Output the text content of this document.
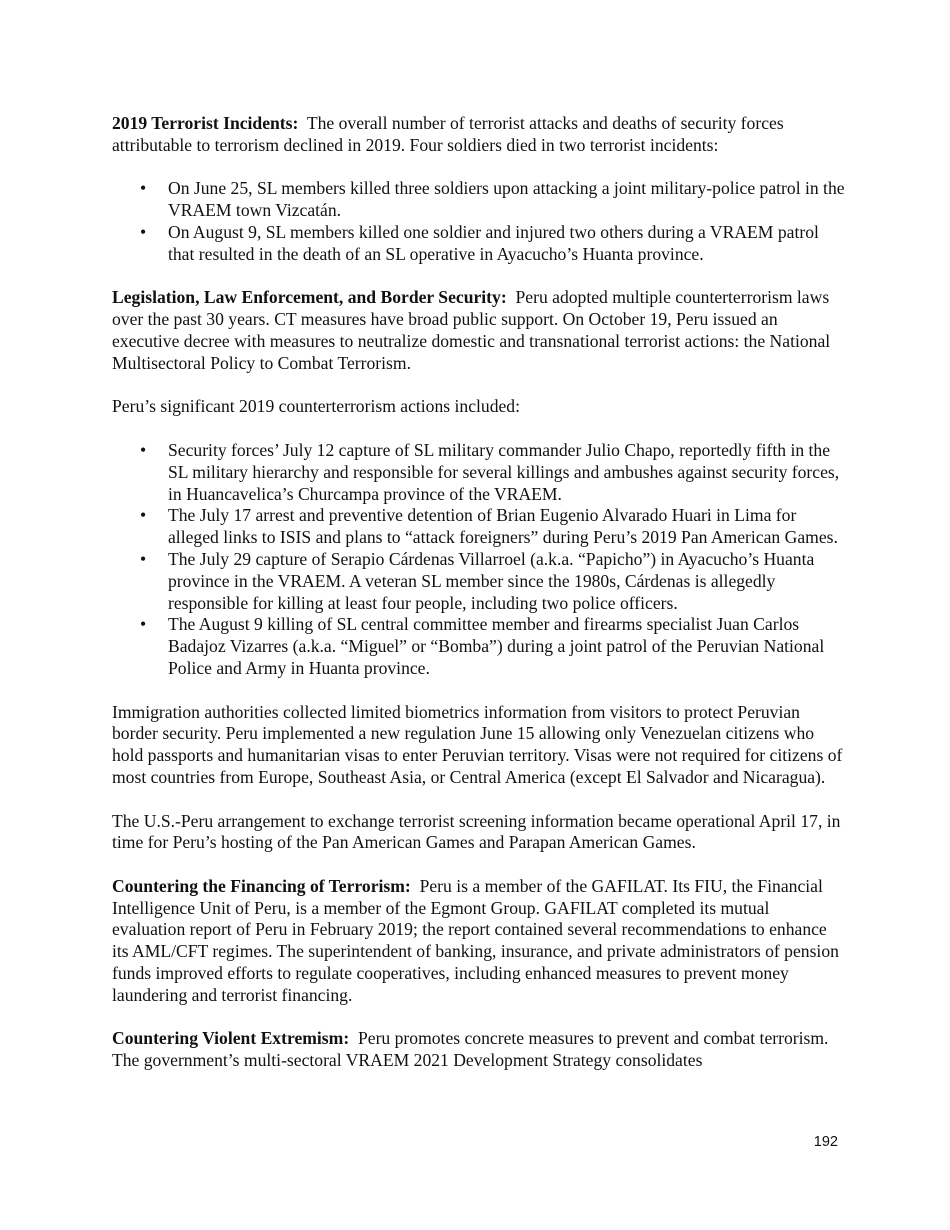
2019 Terrorist Incidents: The overall number of terrorist attacks and deaths of security forces attributable to terrorism declined in 2019. Four soldiers died in two terrorist incidents:

• On June 25, SL members killed three soldiers upon attacking a joint military-police patrol in the VRAEM town Vizcatán.
• On August 9, SL members killed one soldier and injured two others during a VRAEM patrol that resulted in the death of an SL operative in Ayacucho’s Huanta province.

Legislation, Law Enforcement, and Border Security: Peru adopted multiple counterterrorism laws over the past 30 years. CT measures have broad public support. On October 19, Peru issued an executive decree with measures to neutralize domestic and transnational terrorist actions: the National Multisectoral Policy to Combat Terrorism.

Peru’s significant 2019 counterterrorism actions included:

• Security forces’ July 12 capture of SL military commander Julio Chapo, reportedly fifth in the SL military hierarchy and responsible for several killings and ambushes against security forces, in Huancavelica’s Churcampa province of the VRAEM.
• The July 17 arrest and preventive detention of Brian Eugenio Alvarado Huari in Lima for alleged links to ISIS and plans to “attack foreigners” during Peru’s 2019 Pan American Games.
• The July 29 capture of Serapio Cárdenas Villarroel (a.k.a. “Papicho”) in Ayacucho’s Huanta province in the VRAEM. A veteran SL member since the 1980s, Cárdenas is allegedly responsible for killing at least four people, including two police officers.
• The August 9 killing of SL central committee member and firearms specialist Juan Carlos Badajoz Vizarres (a.k.a. “Miguel” or “Bomba”) during a joint patrol of the Peruvian National Police and Army in Huanta province.

Immigration authorities collected limited biometrics information from visitors to protect Peruvian border security. Peru implemented a new regulation June 15 allowing only Venezuelan citizens who hold passports and humanitarian visas to enter Peruvian territory. Visas were not required for citizens of most countries from Europe, Southeast Asia, or Central America (except El Salvador and Nicaragua).

The U.S.-Peru arrangement to exchange terrorist screening information became operational April 17, in time for Peru’s hosting of the Pan American Games and Parapan American Games.

Countering the Financing of Terrorism: Peru is a member of the GAFILAT. Its FIU, the Financial Intelligence Unit of Peru, is a member of the Egmont Group. GAFILAT completed its mutual evaluation report of Peru in February 2019; the report contained several recommendations to enhance its AML/CFT regimes. The superintendent of banking, insurance, and private administrators of pension funds improved efforts to regulate cooperatives, including enhanced measures to prevent money laundering and terrorist financing.

Countering Violent Extremism: Peru promotes concrete measures to prevent and combat terrorism. The government’s multi-sectoral VRAEM 2021 Development Strategy consolidates

192
